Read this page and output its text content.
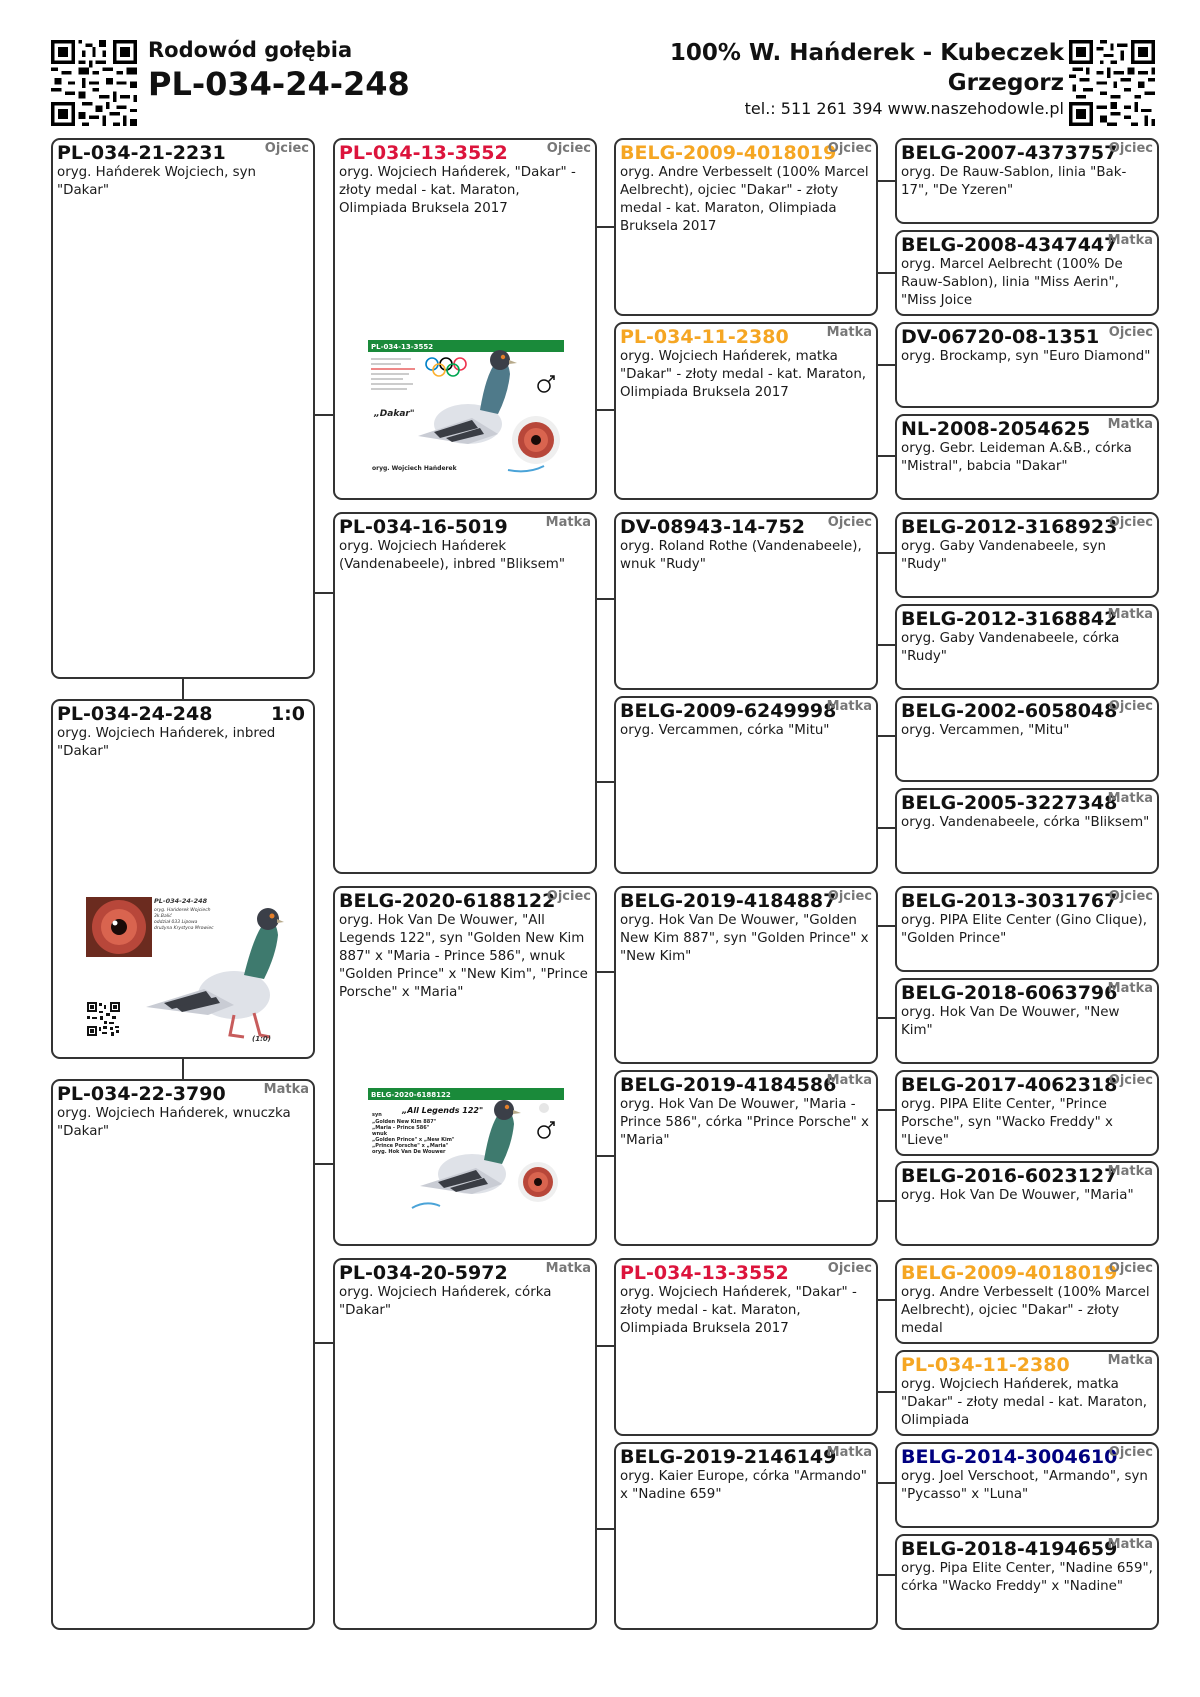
Rodowód gołębia
PL-034-24-248
100% W. Hańderek - Kubeczek
Grzegorz
tel.: 511 261 394 www.naszehodowle.pl
PL-034-21-2231	Ojciec
oryg. Hańderek Wojciech, syn "Dakar"
PL-034-24-248	1:0
oryg. Wojciech Hańderek, inbred "Dakar"
PL-034-24-248
oryg. Hańderek Wojciech
3k.Balić
oddział 033 Lipowa
drużyna Krystyna Mrowiec
(1:0)
PL-034-22-3790	Matka
oryg. Wojciech Hańderek, wnuczka "Dakar"
PL-034-13-3552	Ojciec
oryg. Wojciech Hańderek, "Dakar" - złoty medal - kat. Maraton, Olimpiada Bruksela 2017
PL-034-13-3552
„Dakar"
oryg. Wojciech Hańderek
PL-034-16-5019	Matka
oryg. Wojciech Hańderek (Vandenabeele), inbred "Bliksem"
BELG-2020-6188122
Ojciec
oryg. Hok Van De Wouwer, "All Legends 122", syn "Golden New Kim 887" x "Maria - Prince 586", wnuk "Golden Prince" x "New Kim", "Prince Porsche" x "Maria"
BELG-2020-6188122
„All Legends 122"
syn
„Golden New Kim 887"
„Maria - Prince 586"
wnuk
„Golden Prince" x „New Kim"
„Prince Porsche" x „Maria"
oryg. Hok Van De Wouwer
PL-034-20-5972	Matka
oryg. Wojciech Hańderek, córka "Dakar"
BELG-2009-4018019
Ojciec
oryg. Andre Verbesselt (100% Marcel Aelbrecht), ojciec "Dakar" - złoty medal - kat. Maraton, Olimpiada Bruksela 2017
PL-034-11-2380	Matka
oryg. Wojciech Hańderek, matka "Dakar" - złoty medal - kat. Maraton, Olimpiada Bruksela 2017
DV-08943-14-752 Ojciec
oryg. Roland Rothe (Vandenabeele), wnuk "Rudy"
BELG-2009-6249998
Matka
oryg. Vercammen, córka "Mitu"
BELG-2019-4184887
Ojciec
oryg. Hok Van De Wouwer, "Golden New Kim 887", syn "Golden Prince" x "New Kim"
BELG-2019-4184586
Matka
oryg. Hok Van De Wouwer, "Maria - Prince 586", córka "Prince Porsche" x "Maria"
PL-034-13-3552	Ojciec
oryg. Wojciech Hańderek, "Dakar" - złoty medal - kat. Maraton, Olimpiada Bruksela 2017
BELG-2019-2146149
Matka
oryg. Kaier Europe, córka "Armando" x "Nadine 659"
BELG-2007-4373757
Ojciec
oryg. De Rauw-Sablon, linia "Bak-17", "De Yzeren"
BELG-2008-4347447
Matka
oryg. Marcel Aelbrecht (100% De Rauw-Sablon), linia "Miss Aerin", "Miss Joice
DV-06720-08-1351 Ojciec
oryg. Brockamp, syn "Euro Diamond"
NL-2008-2054625 Matka
oryg. Gebr. Leideman A.&B., córka "Mistral", babcia "Dakar"
BELG-2012-3168923
Ojciec
oryg. Gaby Vandenabeele, syn "Rudy"
BELG-2012-3168842
Matka
oryg. Gaby Vandenabeele, córka "Rudy"
BELG-2002-6058048
Ojciec
oryg. Vercammen, "Mitu"
BELG-2005-3227348
Matka
oryg. Vandenabeele, córka "Bliksem"
BELG-2013-3031767
Ojciec
oryg. PIPA Elite Center (Gino Clique), "Golden Prince"
BELG-2018-6063796
Matka
oryg. Hok Van De Wouwer, "New Kim"
BELG-2017-4062318
Ojciec
oryg. PIPA Elite Center, "Prince Porsche", syn "Wacko Freddy" x "Lieve"
BELG-2016-6023127
Matka
oryg. Hok Van De Wouwer, "Maria"
BELG-2009-4018019
Ojciec
oryg. Andre Verbesselt (100% Marcel Aelbrecht), ojciec "Dakar" - złoty medal
PL-034-11-2380	Matka
oryg. Wojciech Hańderek, matka "Dakar" - złoty medal - kat. Maraton, Olimpiada
BELG-2014-3004610
Ojciec
oryg. Joel Verschoot, "Armando", syn "Pycasso" x "Luna"
BELG-2018-4194659
Matka
oryg. Pipa Elite Center, "Nadine 659", córka "Wacko Freddy" x "Nadine"
